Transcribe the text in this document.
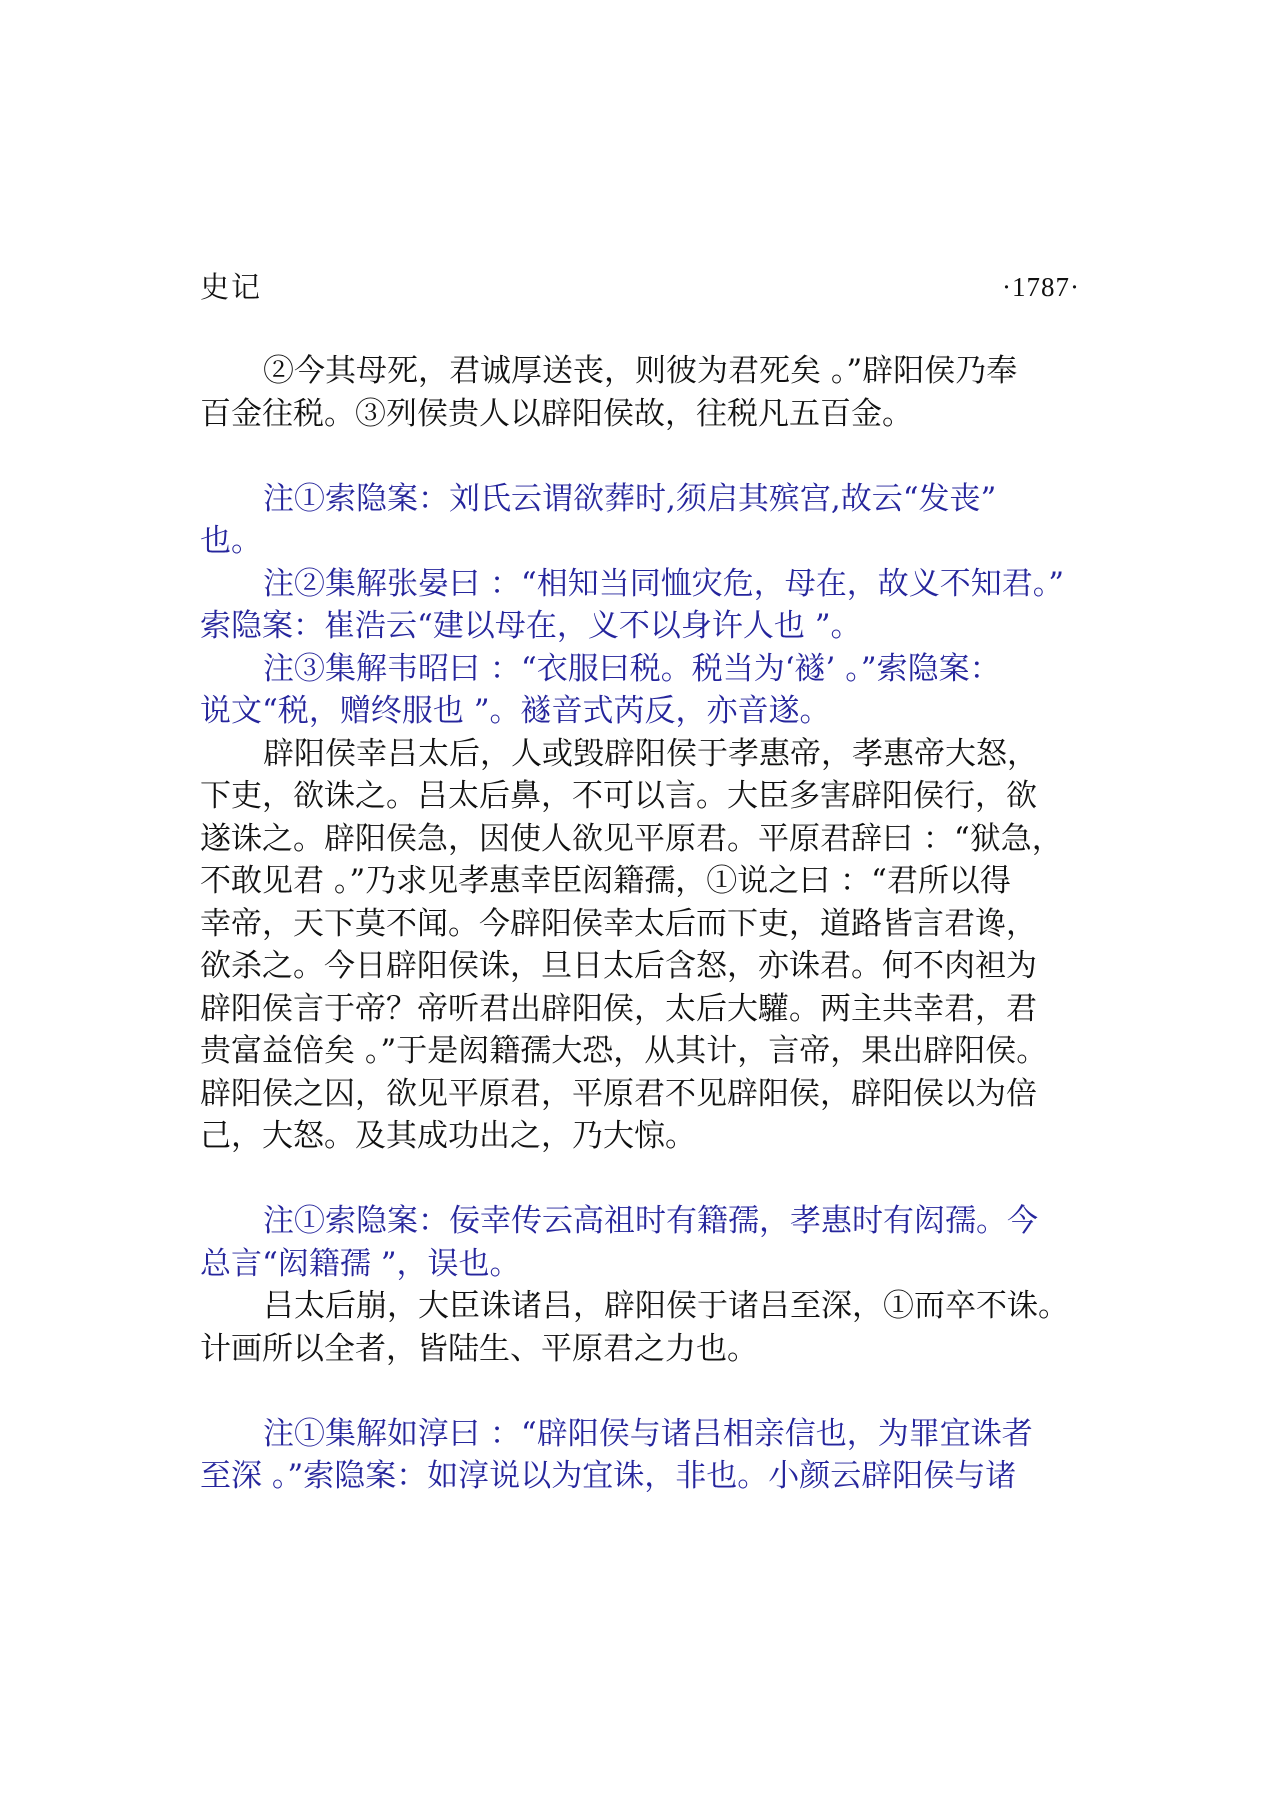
史记	·1787·
②今其母死，君诚厚送丧，则彼为君死矣 。”辟阳侯乃奉
百金往税。③列侯贵人以辟阳侯故，往税凡五百金。
注①索隐案：刘氏云谓欲葬时,须启其殡宫,故云“发丧”
也。
注②集解张晏曰 ：“相知当同恤灾危，母在，故义不知君。”
索隐案：崔浩云“建以母在，义不以身许人也 ”。
注③集解韦昭曰 ：“衣服曰税。税当为‘襚’ 。”索隐案：
说文“税，赠终服也 ”。襚音式芮反，亦音遂。
辟阳侯幸吕太后，人或毁辟阳侯于孝惠帝，孝惠帝大怒，
下吏，欲诛之。吕太后鼻，不可以言。大臣多害辟阳侯行，欲
遂诛之。辟阳侯急，因使人欲见平原君。平原君辞曰 ：“狱急，
不敢见君 。”乃求见孝惠幸臣闳籍孺，①说之曰 ：“君所以得
幸帝，天下莫不闻。今辟阳侯幸太后而下吏，道路皆言君谗，
欲杀之。今日辟阳侯诛，旦日太后含怒，亦诛君。何不肉袒为
辟阳侯言于帝？帝听君出辟阳侯，太后大驩。两主共幸君，君
贵富益倍矣 。”于是闳籍孺大恐，从其计，言帝，果出辟阳侯。
辟阳侯之囚，欲见平原君，平原君不见辟阳侯，辟阳侯以为倍
己，大怒。及其成功出之，乃大惊。
注①索隐案：佞幸传云高祖时有籍孺，孝惠时有闳孺。今
总言“闳籍孺 ”，误也。
吕太后崩，大臣诛诸吕，辟阳侯于诸吕至深，①而卒不诛。
计画所以全者，皆陆生、平原君之力也。
注①集解如淳曰 ：“辟阳侯与诸吕相亲信也，为罪宜诛者
至深 。”索隐案：如淳说以为宜诛，非也。小颜云辟阳侯与诸
